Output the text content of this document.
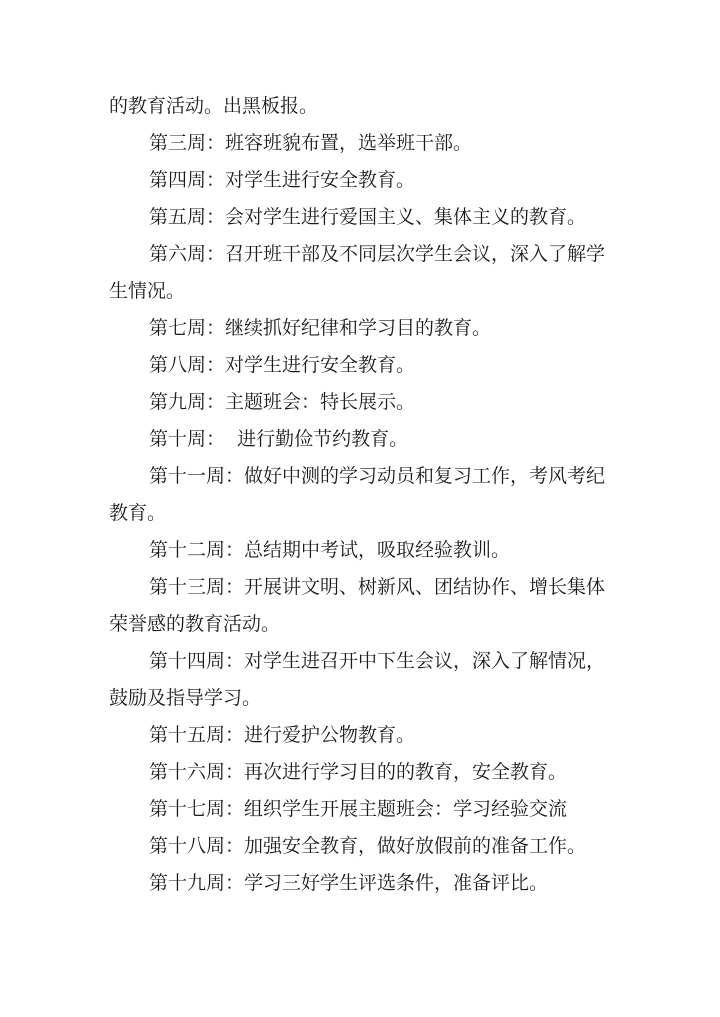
的教育活动。出黑板报。
第三周：班容班貌布置，选举班干部。
第四周：对学生进行安全教育。
第五周：会对学生进行爱国主义、集体主义的教育。
第六周：召开班干部及不同层次学生会议，深入了解学
生情况。
第七周：继续抓好纪律和学习目的教育。
第八周：对学生进行安全教育。
第九周：主题班会：特长展示。
第十周：  进行勤俭节约教育。
第十一周：做好中测的学习动员和复习工作，考风考纪
教育。
第十二周：总结期中考试，吸取经验教训。
第十三周：开展讲文明、树新风、团结协作、增长集体
荣誉感的教育活动。
第十四周：对学生进召开中下生会议，深入了解情况，
鼓励及指导学习。
第十五周：进行爱护公物教育。
第十六周：再次进行学习目的的教育，安全教育。
第十七周：组织学生开展主题班会：学习经验交流
第十八周：加强安全教育，做好放假前的准备工作。
第十九周：学习三好学生评选条件，准备评比。
